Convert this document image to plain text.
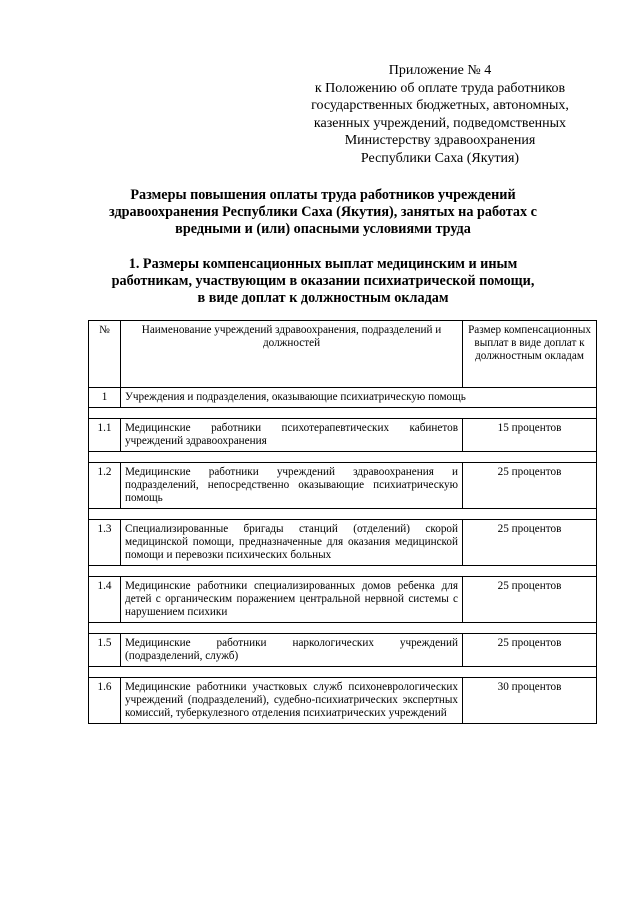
Приложение № 4
к Положению об оплате труда работников
государственных бюджетных, автономных,
казенных учреждений, подведомственных
Министерству здравоохранения
Республики Саха (Якутия)
Размеры повышения оплаты труда работников учреждений
здравоохранения Республики Саха (Якутия), занятых на работах с
вредными и (или) опасными условиями труда
1. Размеры компенсационных выплат медицинским и иным
работникам, участвующим в оказании психиатрической помощи,
в виде доплат к должностным окладам
№	Наименование учреждений здравоохранения, подразделений и должностей	Размер компенсационных выплат в виде доплат к должностным окладам
1	Учреждения и подразделения, оказывающие психиатрическую помощь	

1.1	Медицинские работники психотерапевтических кабинетов учреждений здравоохранения	15 процентов

1.2	Медицинские работники учреждений здравоохранения и подразделений, непосредственно оказывающие психиатрическую помощь	25 процентов

1.3	Специализированные бригады станций (отделений) скорой медицинской помощи, предназначенные для оказания медицинской помощи и перевозки психических больных	25 процентов

1.4	Медицинские работники специализированных домов ребенка для детей с органическим поражением центральной нервной системы с нарушением психики	25 процентов

1.5	Медицинские работники наркологических учреждений (подразделений, служб)	25 процентов

1.6	Медицинские работники участковых служб психоневрологических учреждений (подразделений), судебно-психиатрических экспертных комиссий, туберкулезного отделения психиатрических учреждений	30 процентов
